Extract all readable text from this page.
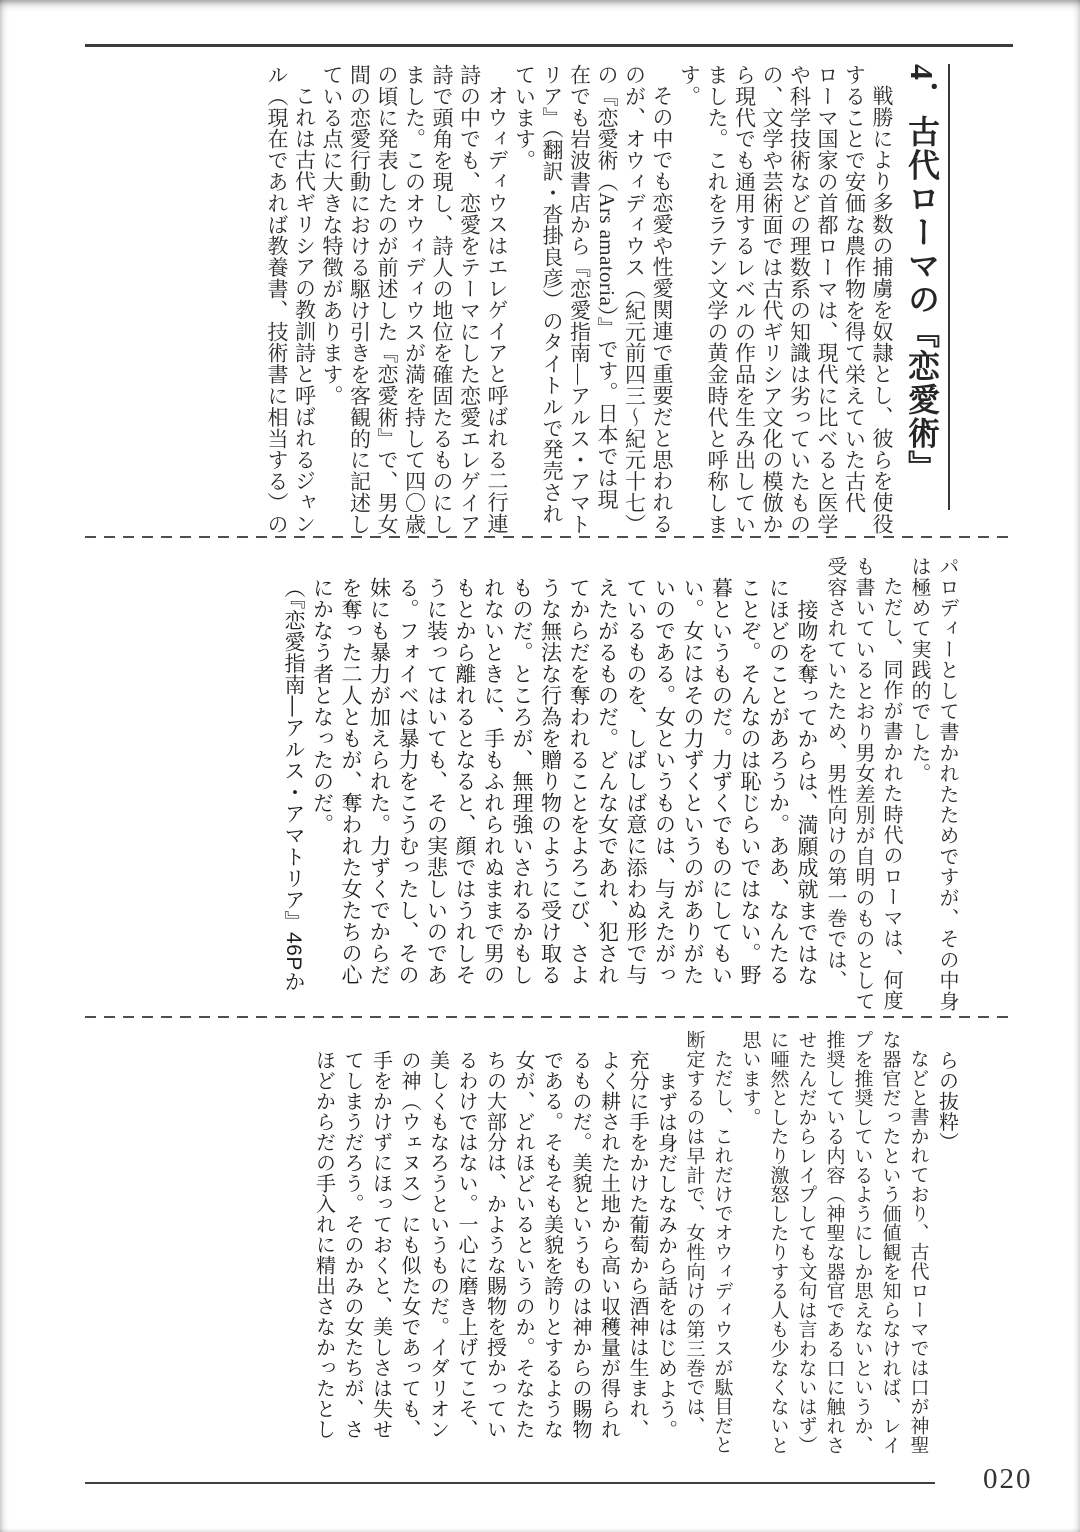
4．古代ローマの『恋愛術』

戦勝により多数の捕虜を奴隷とし、彼らを使役

することで安価な農作物を得て栄えていた古代

ローマ国家の首都ローマは、現代に比べると医学

や科学技術などの理数系の知識は劣っていたもの

の、文学や芸術面では古代ギリシア文化の模倣か

ら現代でも通用するレベルの作品を生み出してい

ました。これをラテン文学の黄金時代と呼称しま

す。

その中でも恋愛や性愛関連で重要だと思われる

のが、オウィディウス（紀元前四三〜紀元十七）

の『恋愛術（Ars amatoria）』です。日本では現

在でも岩波書店から『恋愛指南―アルス・アマト

リア』（翻訳・沓掛良彦）のタイトルで発売され

ています。

オウィディウスはエレゲイアと呼ばれる二行連

詩の中でも、恋愛をテーマにした恋愛エレゲイア

詩で頭角を現し、詩人の地位を確固たるものにし

ました。このオウィディウスが満を持して四〇歳

の頃に発表したのが前述した『恋愛術』で、男女

間の恋愛行動における駆け引きを客観的に記述し

ている点に大きな特徴があります。

これは古代ギリシアの教訓詩と呼ばれるジャン

ル（現在であれば教養書、技術書に相当する）の

パロディーとして書かれたためですが、その中身

は極めて実践的でした。

ただし、同作が書かれた時代のローマは、何度

も書いているとおり男女差別が自明のものとして

受容されていたため、男性向けの第一巻では、

接吻を奪ってからは、満願成就まではな

にほどのことがあろうか。ああ、なんたる

ことぞ。そんなのは恥じらいではない。野

暮というものだ。力ずくでものにしてもい

い。女にはその力ずくというのがありがた

いのである。女というものは、与えたがっ

ているものを、しばしば意に添わぬ形で与

えたがるものだ。どんな女であれ、犯され

てからだを奪われることをよろこび、さよ

うな無法な行為を贈り物のように受け取る

ものだ。ところが、無理強いされるかもし

れないときに、手もふれられぬままで男の

もとから離れるとなると、顔ではうれしそ

うに装ってはいても、その実悲しいのであ

る。フォイベは暴力をこうむったし、その

妹にも暴力が加えられた。力ずくでからだ

を奪った二人ともが、奪われた女たちの心

にかなう者となったのだ。

（『恋愛指南―アルス・アマトリア』46Pか

らの抜粋）

などと書かれており、古代ローマでは口が神聖

な器官だったという価値観を知らなければ、レイ

プを推奨しているようにしか思えないというか、

推奨している内容（神聖な器官である口に触れさ

せたんだからレイプしても文句は言わないはず）

に唖然としたり激怒したりする人も少なくないと

思います。

ただし、これだけでオウィディウスが駄目だと

断定するのは早計で、女性向けの第三巻では、

まずは身だしなみから話をはじめよう。

充分に手をかけた葡萄から酒神は生まれ、

よく耕された土地から高い収穫量が得られ

るものだ。美貌というものは神からの賜物

である。そもそも美貌を誇りとするような

女が、どれほどいるというのか。そなたた

ちの大部分は、かような賜物を授かってい

るわけではない。一心に磨き上げてこそ、

美しくもなろうというものだ。イダリオン

の神（ウェヌス）にも似た女であっても、

手をかけずにほっておくと、美しさは失せ

てしまうだろう。そのかみの女たちが、さ

ほどからだの手入れに精出さなかったとし

020
